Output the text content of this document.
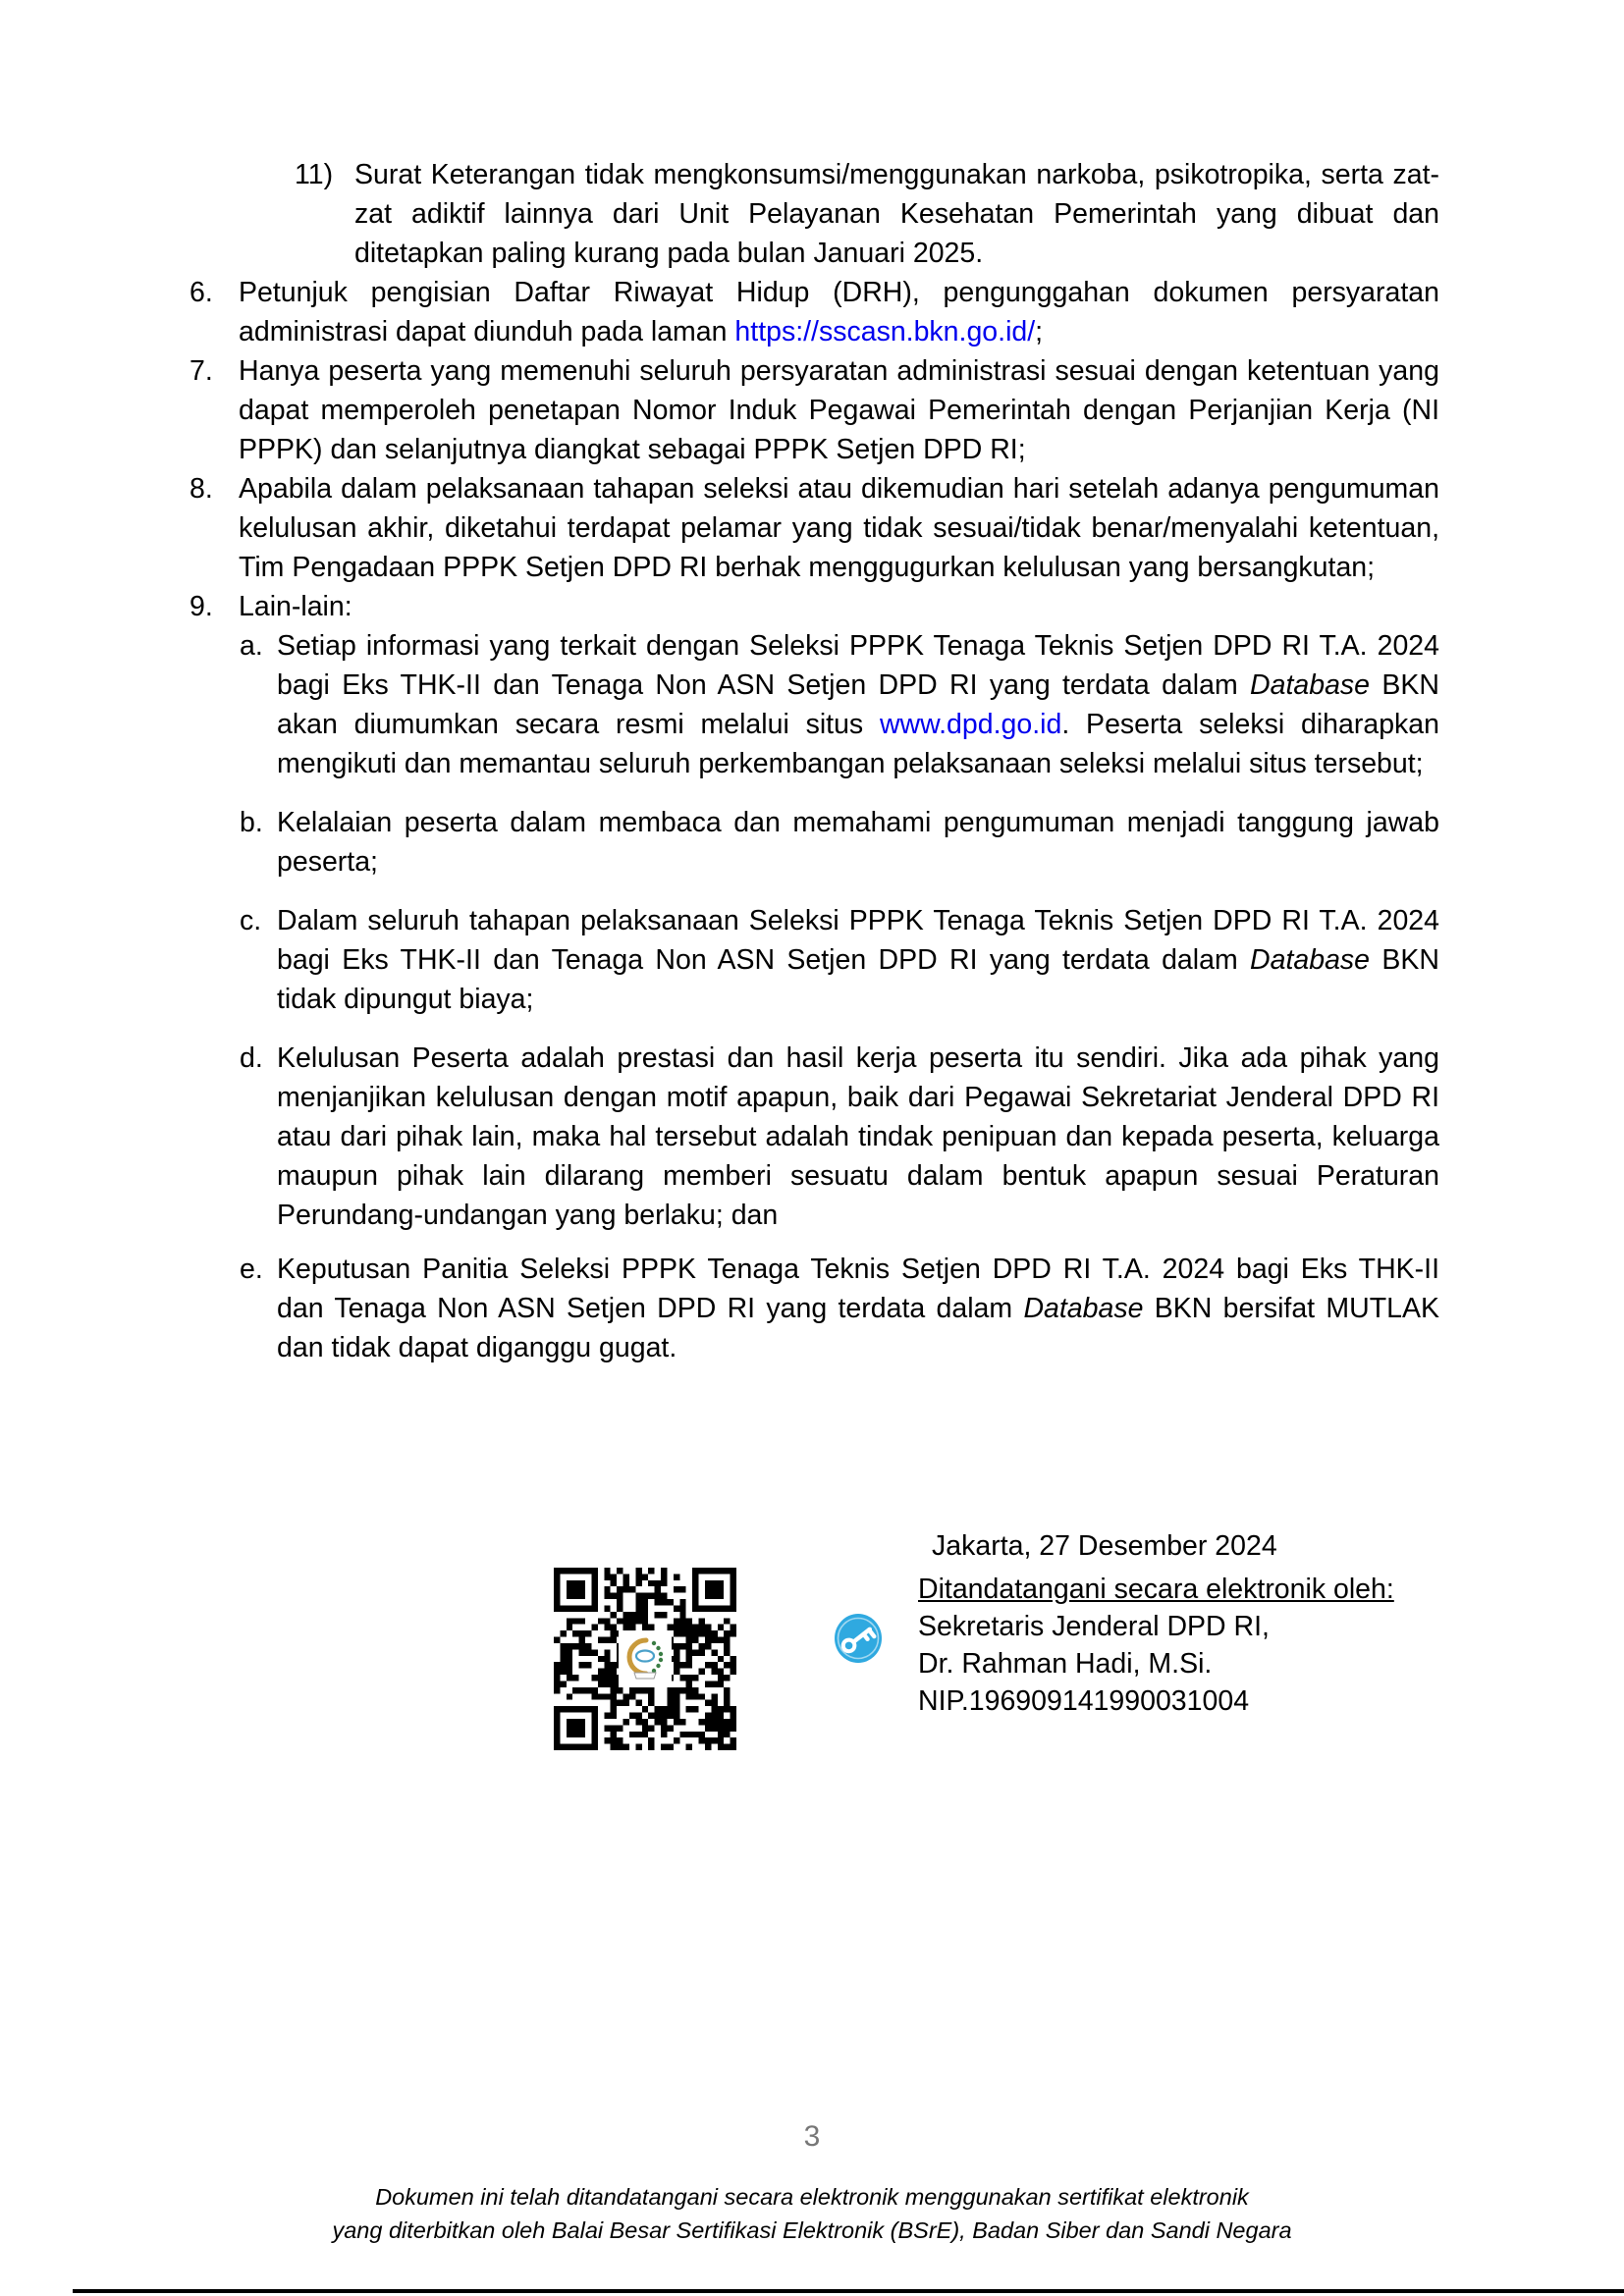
11) Surat Keterangan tidak mengkonsumsi/menggunakan narkoba, psikotropika, serta zat-zat adiktif lainnya dari Unit Pelayanan Kesehatan Pemerintah yang dibuat dan ditetapkan paling kurang pada bulan Januari 2025.
6. Petunjuk pengisian Daftar Riwayat Hidup (DRH), pengunggahan dokumen persyaratan administrasi dapat diunduh pada laman https://sscasn.bkn.go.id/;
7. Hanya peserta yang memenuhi seluruh persyaratan administrasi sesuai dengan ketentuan yang dapat memperoleh penetapan Nomor Induk Pegawai Pemerintah dengan Perjanjian Kerja (NI PPPK) dan selanjutnya diangkat sebagai PPPK Setjen DPD RI;
8. Apabila dalam pelaksanaan tahapan seleksi atau dikemudian hari setelah adanya pengumuman kelulusan akhir, diketahui terdapat pelamar yang tidak sesuai/tidak benar/menyalahi ketentuan, Tim Pengadaan PPPK Setjen DPD RI berhak menggugurkan kelulusan yang bersangkutan;
9. Lain-lain:
a. Setiap informasi yang terkait dengan Seleksi PPPK Tenaga Teknis Setjen DPD RI T.A. 2024 bagi Eks THK-II dan Tenaga Non ASN Setjen DPD RI yang terdata dalam Database BKN akan diumumkan secara resmi melalui situs www.dpd.go.id. Peserta seleksi diharapkan mengikuti dan memantau seluruh perkembangan pelaksanaan seleksi melalui situs tersebut;
b. Kelalaian peserta dalam membaca dan memahami pengumuman menjadi tanggung jawab peserta;
c. Dalam seluruh tahapan pelaksanaan Seleksi PPPK Tenaga Teknis Setjen DPD RI T.A. 2024 bagi Eks THK-II dan Tenaga Non ASN Setjen DPD RI yang terdata dalam Database BKN tidak dipungut biaya;
d. Kelulusan Peserta adalah prestasi dan hasil kerja peserta itu sendiri. Jika ada pihak yang menjanjikan kelulusan dengan motif apapun, baik dari Pegawai Sekretariat Jenderal DPD RI atau dari pihak lain, maka hal tersebut adalah tindak penipuan dan kepada peserta, keluarga maupun pihak lain dilarang memberi sesuatu dalam bentuk apapun sesuai Peraturan Perundang-undangan yang berlaku; dan
e. Keputusan Panitia Seleksi PPPK Tenaga Teknis Setjen DPD RI T.A. 2024 bagi Eks THK-II dan Tenaga Non ASN Setjen DPD RI yang terdata dalam Database BKN bersifat MUTLAK dan tidak dapat diganggu gugat.
Jakarta, 27 Desember 2024
Ditandatangani secara elektronik oleh:
Sekretaris Jenderal DPD RI,
Dr. Rahman Hadi, M.Si.
NIP.196909141990031004
3
Dokumen ini telah ditandatangani secara elektronik menggunakan sertifikat elektronik
yang diterbitkan oleh Balai Besar Sertifikasi Elektronik (BSrE), Badan Siber dan Sandi Negara
